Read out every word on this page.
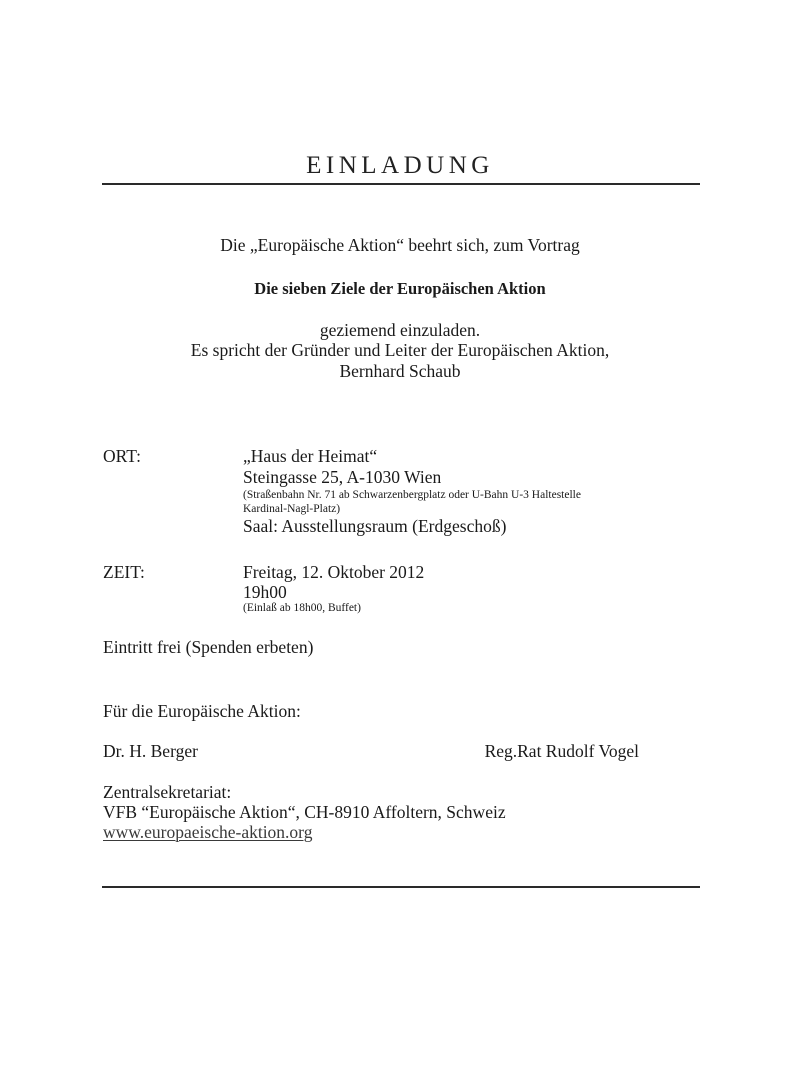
EINLADUNG
Die „Europäische Aktion“ beehrt sich, zum Vortrag
Die sieben Ziele der Europäischen Aktion
geziemend einzuladen.
Es spricht der Gründer und Leiter der Europäischen Aktion,
Bernhard Schaub
ORT:	„Haus der Heimat“
Steingasse 25, A-1030 Wien
(Straßenbahn Nr. 71 ab Schwarzenbergplatz oder U-Bahn U-3 Haltestelle
Kardinal-Nagl-Platz)
Saal: Ausstellungsraum (Erdgeschoß)
ZEIT:	Freitag, 12. Oktober 2012
19h00
(Einlaß ab 18h00, Buffet)
Eintritt frei (Spenden erbeten)
Für die Europäische Aktion:
Dr. H. Berger	Reg.Rat Rudolf Vogel
Zentralsekretariat:
VFB “Europäische Aktion“, CH-8910 Affoltern, Schweiz
www.europaeische-aktion.org
